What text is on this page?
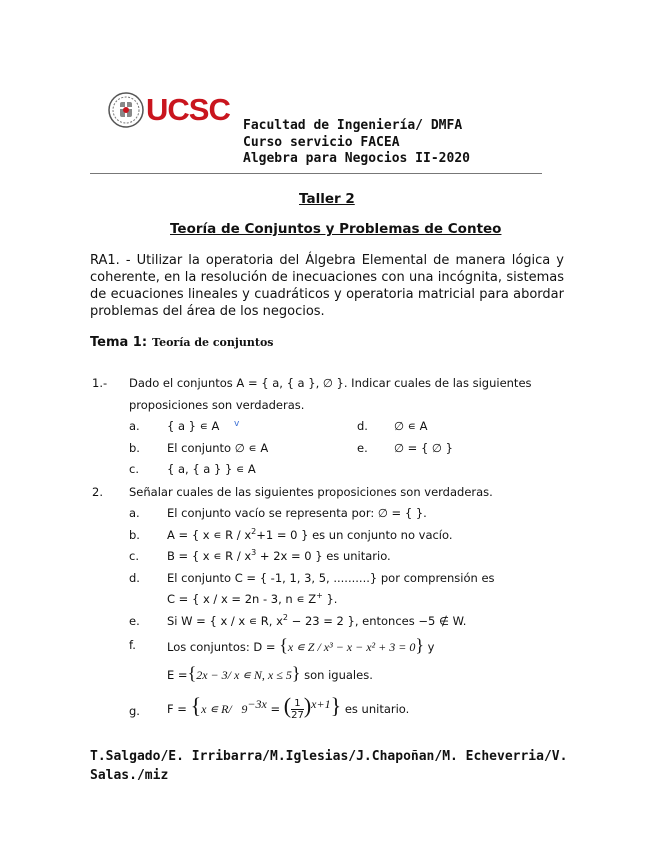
UCSC Facultad de Ingeniería/ DMFA
Curso servicio FACEA
Algebra para Negocios II-2020
Taller 2
Teoría de Conjuntos y Problemas de Conteo
RA1. - Utilizar la operatoria del Álgebra Elemental de manera lógica y coherente, en la resolución de inecuaciones con una incógnita, sistemas de ecuaciones lineales y cuadráticos y operatoria matricial para abordar problemas del área de los negocios.
Tema 1: Teoría de conjuntos
1.- Dado el conjuntos A = { a, { a }, ∅ }. Indicar cuales de las siguientes
proposiciones son verdaderas.
a. { a } ∊ A v	d. ∅ ∊ A
b. El conjunto ∅ ∊ A	e. ∅ = { ∅ }
c. { a, { a } } ∊ A
2. Señalar cuales de las siguientes proposiciones son verdaderas.
a. El conjunto vacío se representa por: ∅ = { }.
b. A = { x ∊ $R / x^2+1 = 0$ } es un conjunto no vacío.
c. B = { x ∊ $R / x^3 + 2x = 0$ } es unitario.
d. El conjunto C = { -1, 1, 3, 5, ..........} por comprensión es
C = { x / x = 2n - 3, n ∊ Z+ }.
e. Si W = { x / x ∊ R, $x^2 - 23 = 2$ }, entonces −5 ∉ W.
f.	Los conjuntos: D = {x ∊ Z / x³ − x − x² + 3 = 0} y
E ={2x − 3/ x ∊ N, x ≤ 5} son iguales.
g. F = {x ∊ R/ $9^{-3x}$ = ( $\frac{1}{27} )^{x+1}$} es unitario.
T.Salgado/E. Irribarra/M.Iglesias/J.Chapoñan/M. Echeverria/V.
Salas./miz
